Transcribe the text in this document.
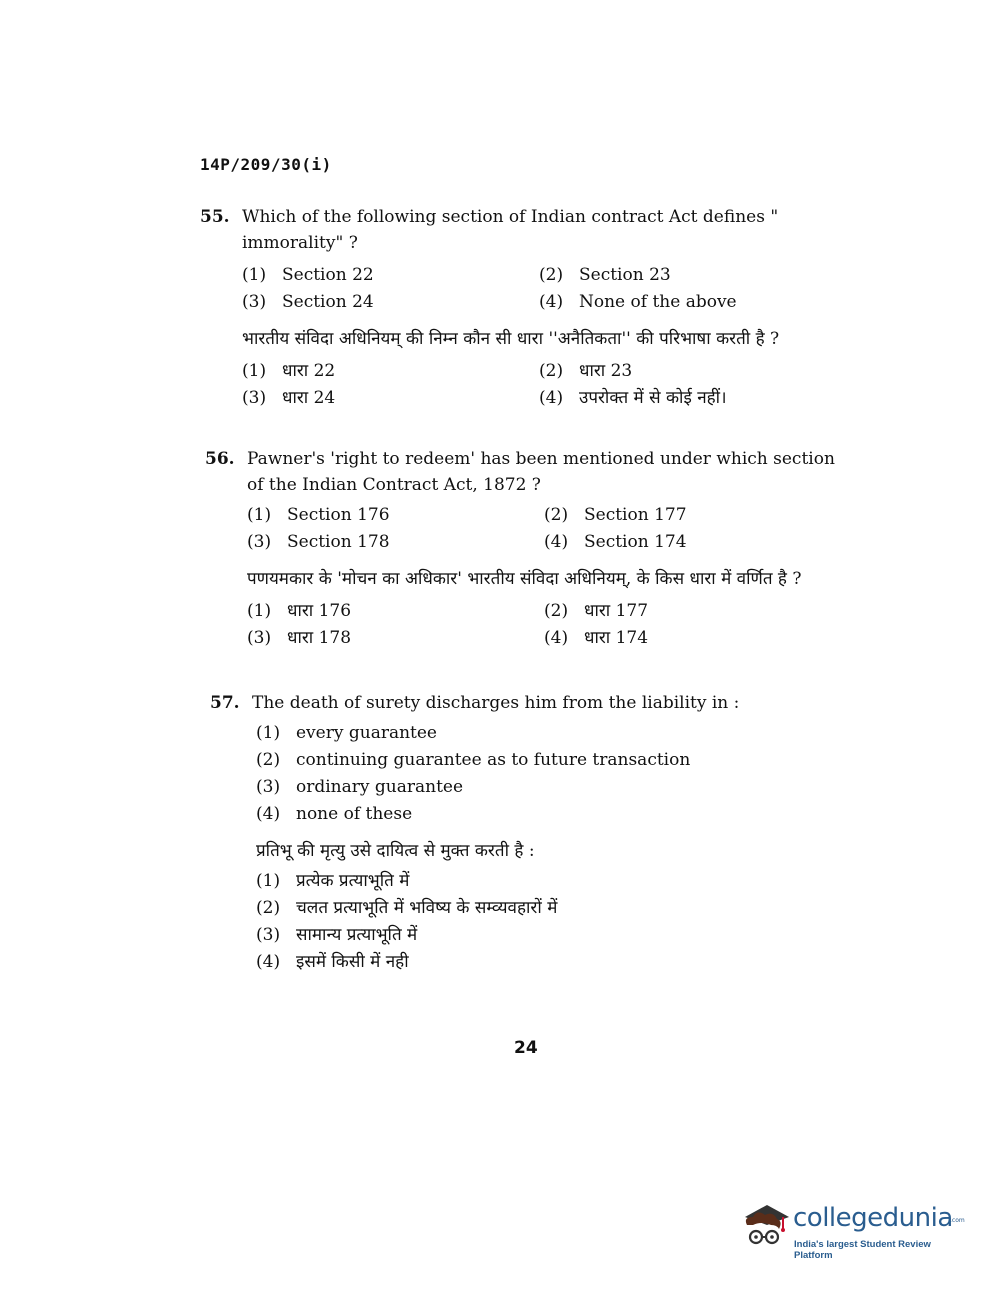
14P/209/30(i)
55. Which of the following section of Indian contract Act defines " immorality" ?
(1) Section 22	(2) Section 23
(3) Section 24	(4) None of the above
भारतीय संविदा अधिनियम् की निम्न कौन सी धारा ''अनैतिकता'' की परिभाषा करती है ?
(1) धारा 22	(2) धारा 23
(3) धारा 24	(4) उपरोक्त में से कोई नहीं।
56. Pawner's 'right to redeem' has been mentioned under which section of the Indian Contract Act, 1872 ?
(1) Section 176	(2) Section 177
(3) Section 178	(4) Section 174
पणयमकार के 'मोचन का अधिकार' भारतीय संविदा अधिनियम्, के किस धारा में वर्णित है ?
(1) धारा 176	(2) धारा 177
(3) धारा 178	(4) धारा 174
57. The death of surety discharges him from the liability in :
(1) every guarantee
(2) continuing guarantee as to future transaction
(3) ordinary guarantee
(4) none of these
प्रतिभू की मृत्यु उसे दायित्व से मुक्त करती है :
(1) प्रत्येक प्रत्याभूति में
(2) चलत प्रत्याभूति में भविष्य के सम्व्यवहारों में
(3) सामान्य प्रत्याभूति में
(4) इसमें किसी में नही
24
collegedunia
.com
India's largest Student Review Platform
